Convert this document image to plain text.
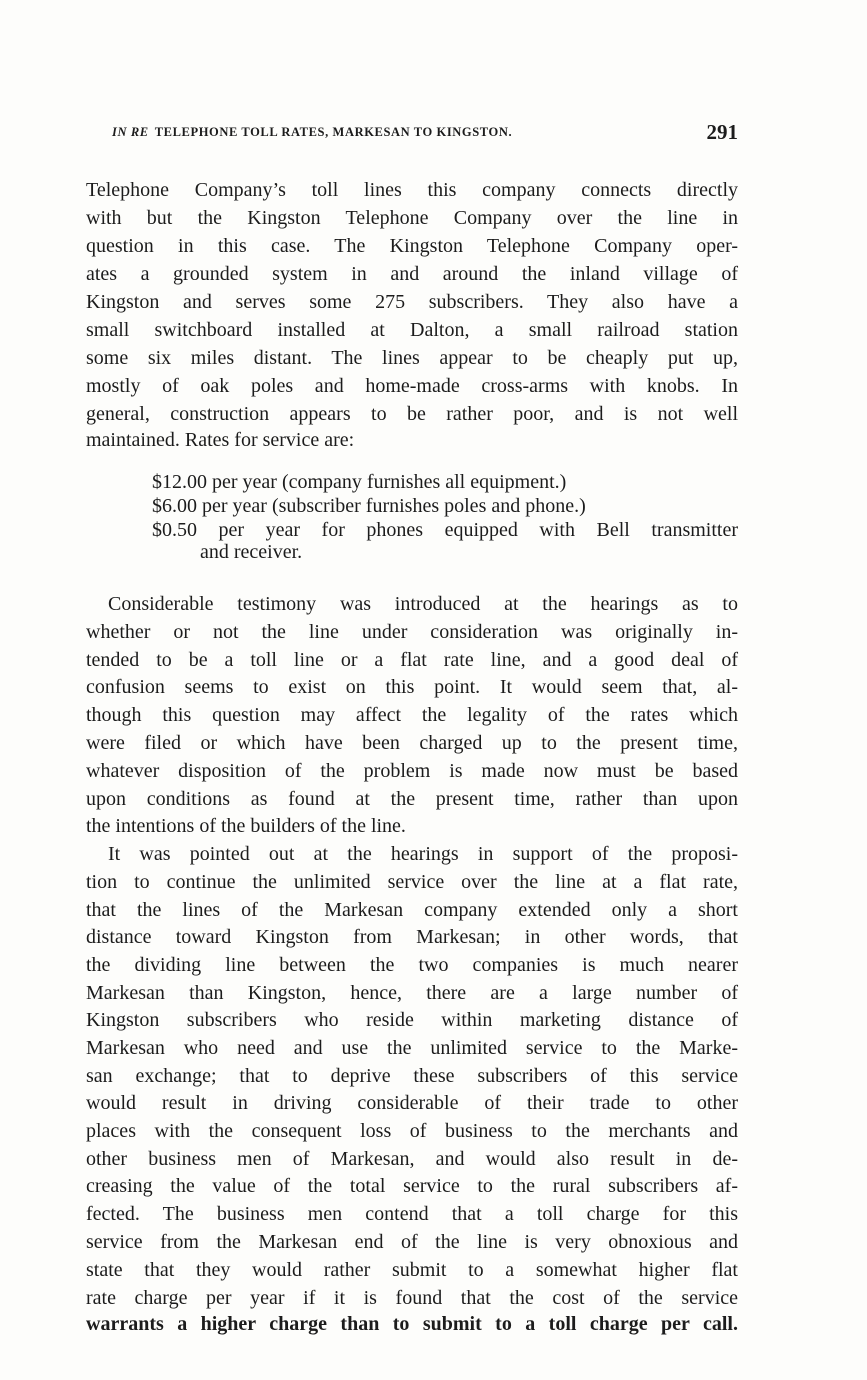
IN RE TELEPHONE TOLL RATES, MARKESAN TO KINGSTON.	291
Telephone Company’s toll lines this company connects directly
with but the Kingston Telephone Company over the line in
question in this case. The Kingston Telephone Company oper-
ates a grounded system in and around the inland village of
Kingston and serves some 275 subscribers. They also have a
small switchboard installed at Dalton, a small railroad station
some six miles distant. The lines appear to be cheaply put up,
mostly of oak poles and home-made cross-arms with knobs. In
general, construction appears to be rather poor, and is not well
maintained. Rates for service are:
$12.00 per year (company furnishes all equipment.)
$6.00 per year (subscriber furnishes poles and phone.)
$0.50 per year for phones equipped with Bell transmitter
and receiver.
Considerable testimony was introduced at the hearings as to
whether or not the line under consideration was originally in-
tended to be a toll line or a flat rate line, and a good deal of
confusion seems to exist on this point. It would seem that, al-
though this question may affect the legality of the rates which
were filed or which have been charged up to the present time,
whatever disposition of the problem is made now must be based
upon conditions as found at the present time, rather than upon
the intentions of the builders of the line.
It was pointed out at the hearings in support of the proposi-
tion to continue the unlimited service over the line at a flat rate,
that the lines of the Markesan company extended only a short
distance toward Kingston from Markesan; in other words, that
the dividing line between the two companies is much nearer
Markesan than Kingston, hence, there are a large number of
Kingston subscribers who reside within marketing distance of
Markesan who need and use the unlimited service to the Marke-
san exchange; that to deprive these subscribers of this service
would result in driving considerable of their trade to other
places with the consequent loss of business to the merchants and
other business men of Markesan, and would also result in de-
creasing the value of the total service to the rural subscribers af-
fected. The business men contend that a toll charge for this
service from the Markesan end of the line is very obnoxious and
state that they would rather submit to a somewhat higher flat
rate charge per year if it is found that the cost of the service
warrants a higher charge than to submit to a toll charge per call.
